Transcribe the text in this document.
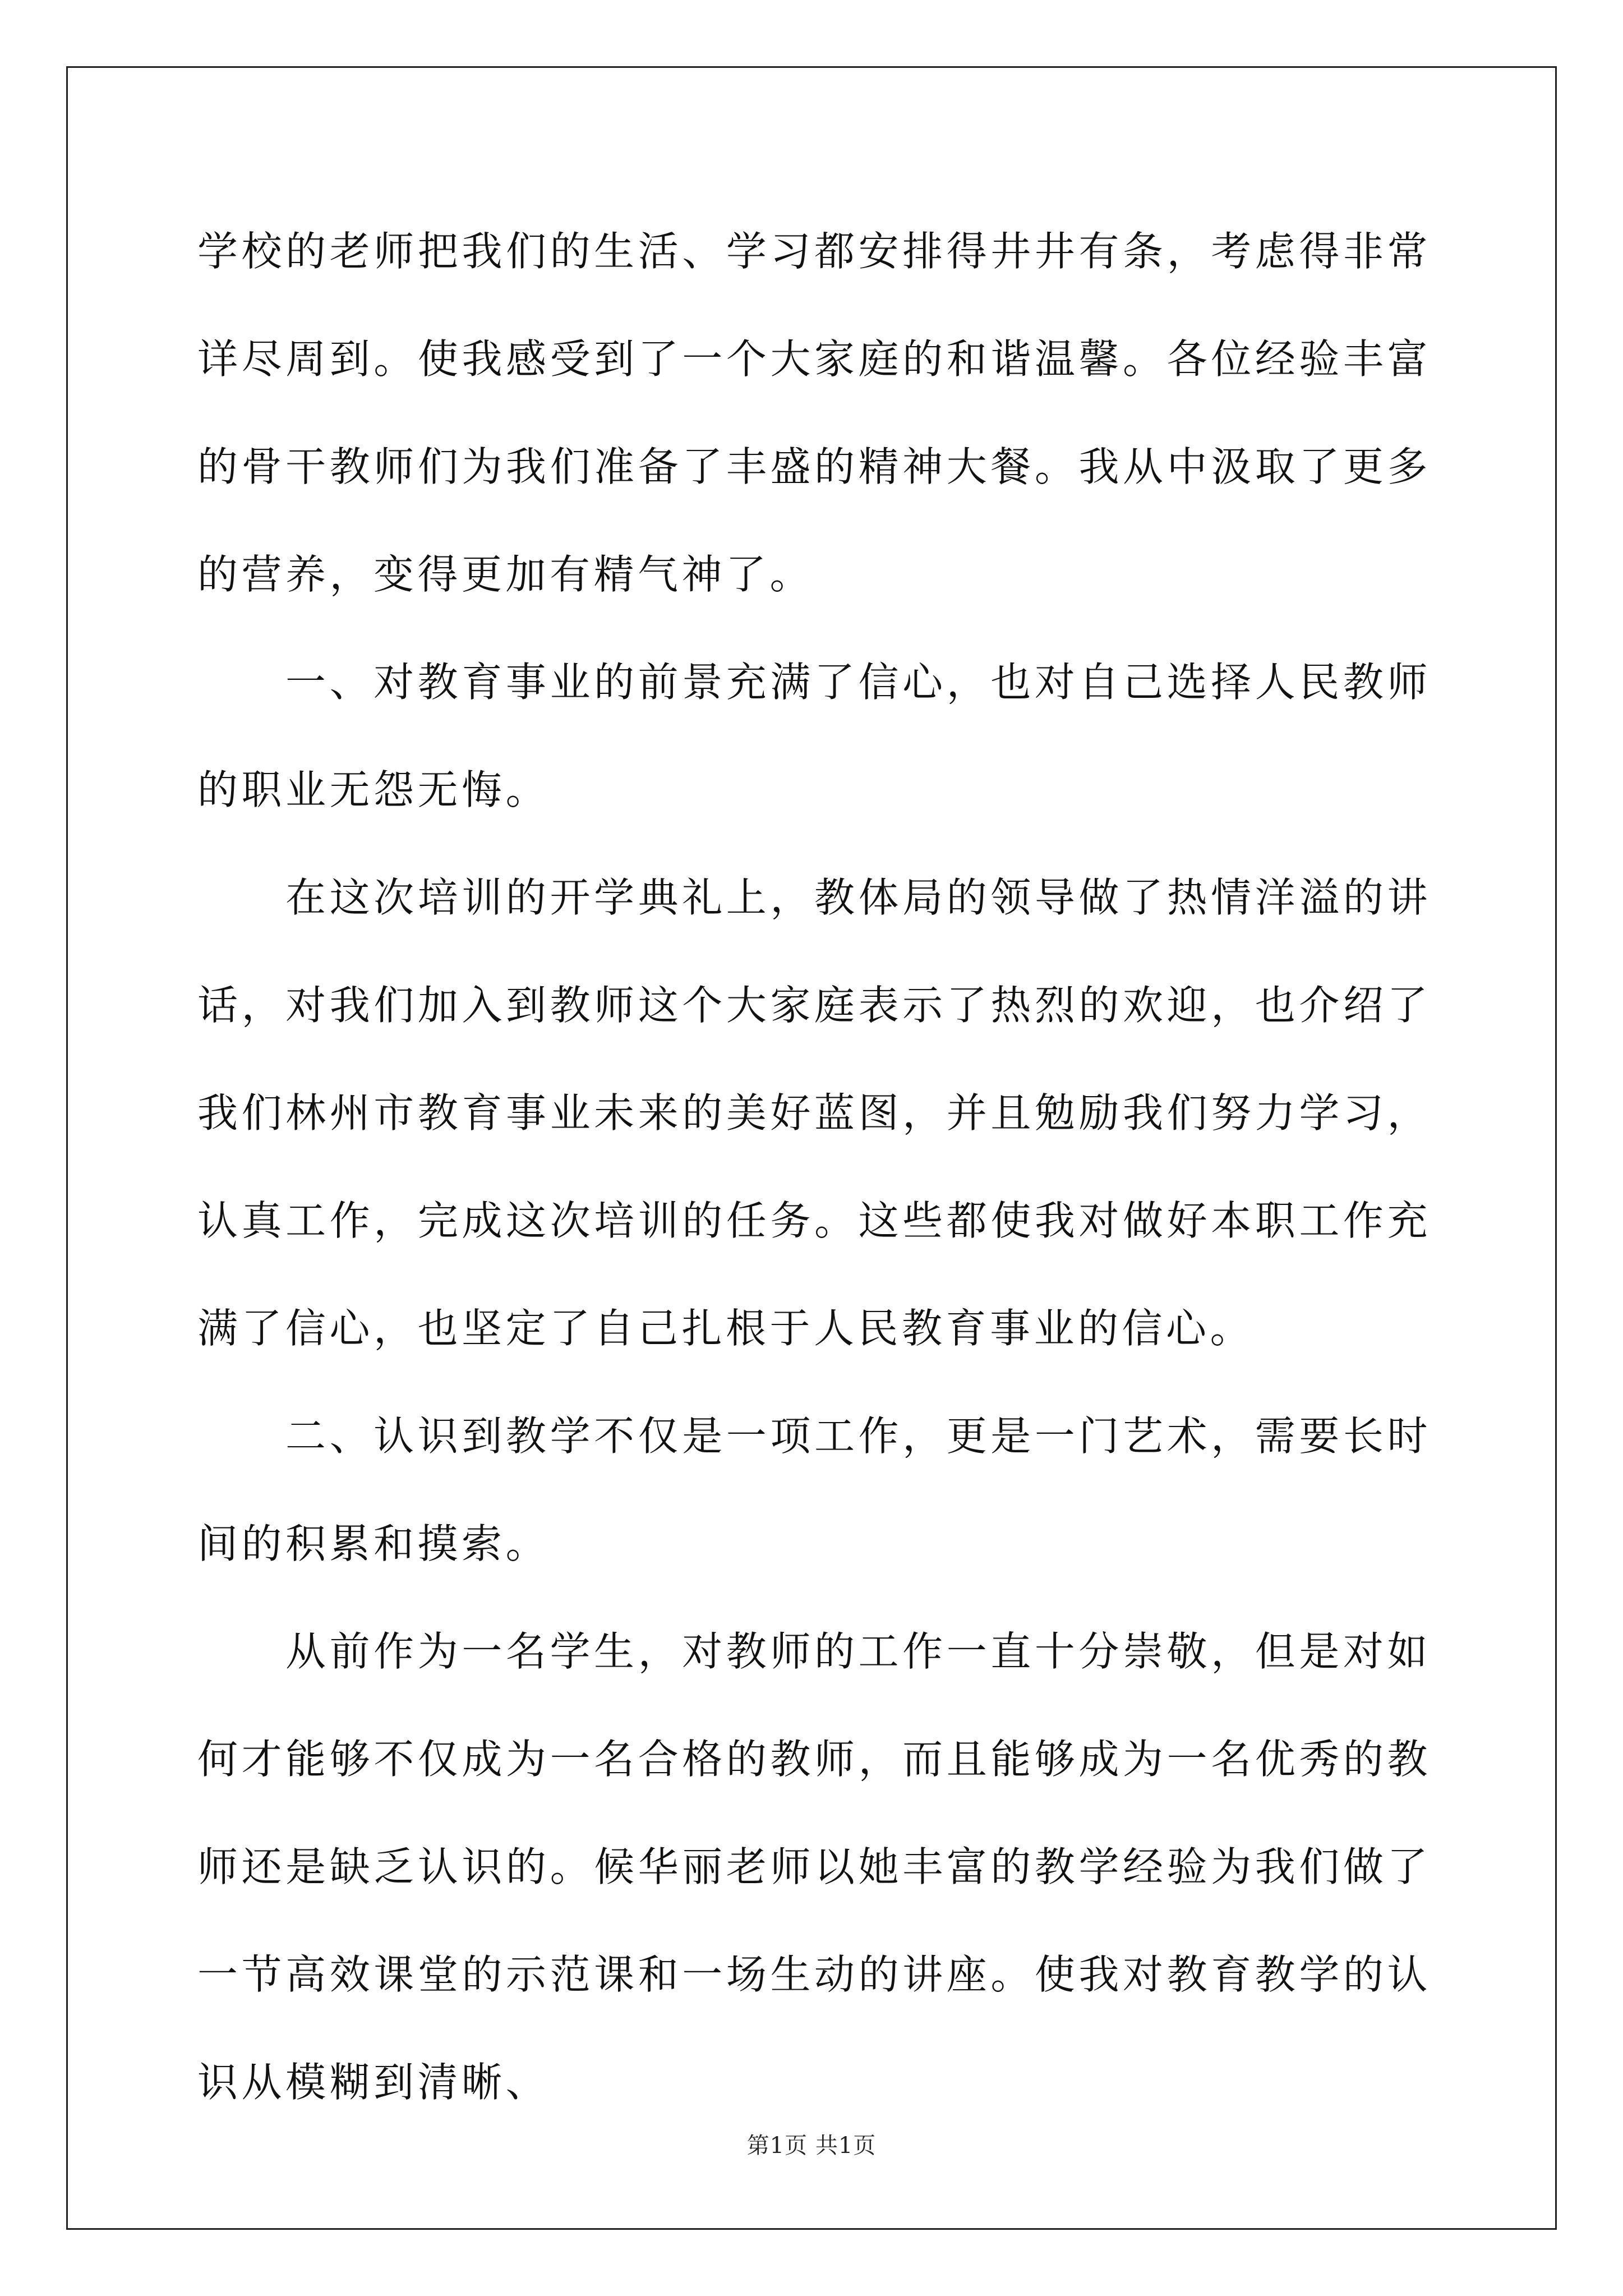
学校的老师把我们的生活、学习都安排得井井有条，考虑得非常详尽周到。使我感受到了一个大家庭的和谐温馨。各位经验丰富的骨干教师们为我们准备了丰盛的精神大餐。我从中汲取了更多的营养，变得更加有精气神了。

一、对教育事业的前景充满了信心，也对自己选择人民教师的职业无怨无悔。

在这次培训的开学典礼上，教体局的领导做了热情洋溢的讲话，对我们加入到教师这个大家庭表示了热烈的欢迎，也介绍了我们林州市教育事业未来的美好蓝图，并且勉励我们努力学习，认真工作，完成这次培训的任务。这些都使我对做好本职工作充满了信心，也坚定了自己扎根于人民教育事业的信心。

二、认识到教学不仅是一项工作，更是一门艺术，需要长时间的积累和摸索。

从前作为一名学生，对教师的工作一直十分崇敬，但是对如何才能够不仅成为一名合格的教师，而且能够成为一名优秀的教师还是缺乏认识的。候华丽老师以她丰富的教学经验为我们做了一节高效课堂的示范课和一场生动的讲座。使我对教育教学的认识从模糊到清晰、

第1页 共1页
